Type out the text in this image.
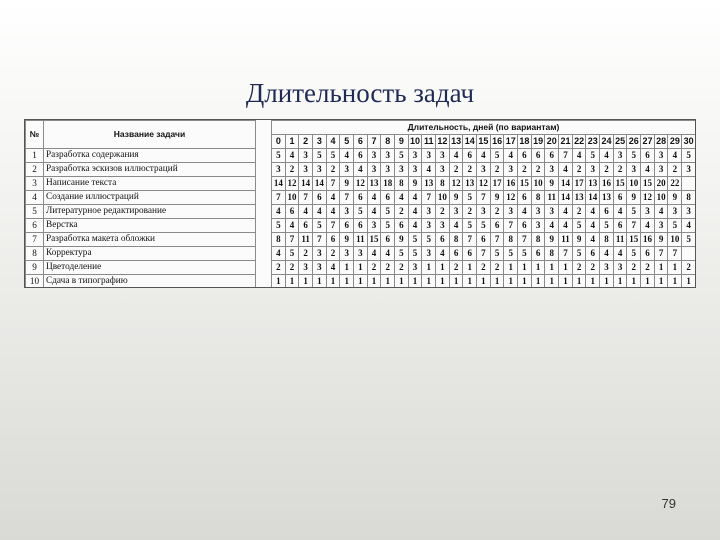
Длительность задач
№	Название задачи		Длительность, дней (по вариантам)																														
			0	1	2	3	4	5	6	7	8	9	10	11	12	13	14	15	16	17	18	19	20	21	22	23	24	25	26	27	28	29	30
1	Разработка содержания		5	4	3	5	5	4	6	3	3	5	3	3	3	4	6	4	5	4	6	6	6	7	4	5	4	3	5	6	3	4	5
2	Разработка эскизов иллюстраций		3	2	3	3	2	3	4	3	3	3	3	4	3	2	2	3	2	3	2	2	3	4	2	3	2	2	3	4	3	2	3
3	Написание текста		14	12	14	14	7	9	12	13	18	8	9	13	8	12	13	12	17	16	15	10	9	14	17	13	16	15	10	15	20	22	
4	Создание иллюстраций		7	10	7	6	4	7	6	4	6	4	4	7	10	9	5	7	9	12	6	8	11	14	13	14	13	6	9	12	10	9	8
5	Литературное редактирование		4	6	4	4	4	3	5	4	5	2	4	3	2	3	2	3	2	3	4	3	3	4	2	4	6	4	5	3	4	3	3
6	Верстка		5	4	6	5	7	6	6	3	5	6	4	3	3	4	5	5	6	7	6	3	4	4	5	4	5	6	7	4	3	5	4
7	Разработка макета обложки		8	7	11	7	6	9	11	15	6	9	5	5	6	8	7	6	7	8	7	8	9	11	9	4	8	11	15	16	9	10	5
8	Корректура		4	5	2	3	2	3	3	4	4	5	5	3	4	6	6	7	5	5	5	6	8	7	5	6	4	4	5	6	7	7	
9	Цветоделение		2	2	3	3	4	1	1	2	2	2	3	1	1	2	1	2	2	1	1	1	1	1	2	2	3	3	2	2	1	1	2
10	Сдача в типографию		1	1	1	1	1	1	1	1	1	1	1	1	1	1	1	1	1	1	1	1	1	1	1	1	1	1	1	1	1	1	1
79
